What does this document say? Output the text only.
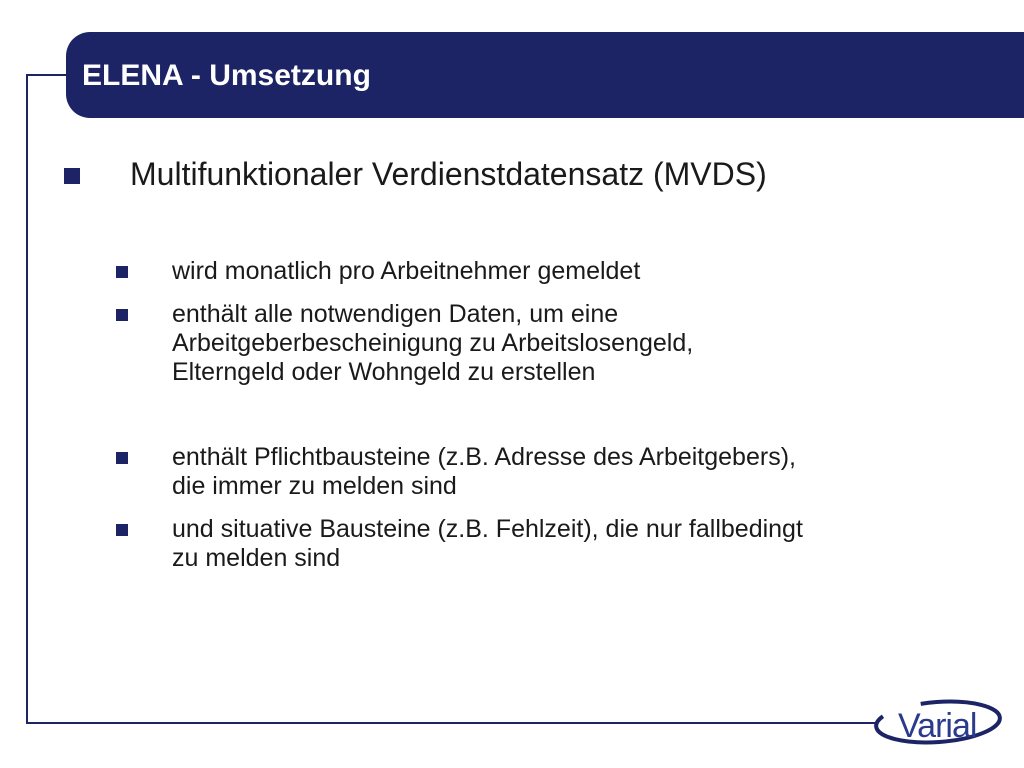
ELENA - Umsetzung
Multifunktionaler Verdienstdatensatz (MVDS)
wird monatlich pro Arbeitnehmer gemeldet
enthält alle notwendigen Daten, um eine
Arbeitgeberbescheinigung zu Arbeitslosengeld,
Elterngeld oder Wohngeld zu erstellen
enthält Pflichtbausteine (z.B. Adresse des Arbeitgebers),
die immer zu melden sind
und situative Bausteine (z.B. Fehlzeit), die nur fallbedingt
zu melden sind
Varial
